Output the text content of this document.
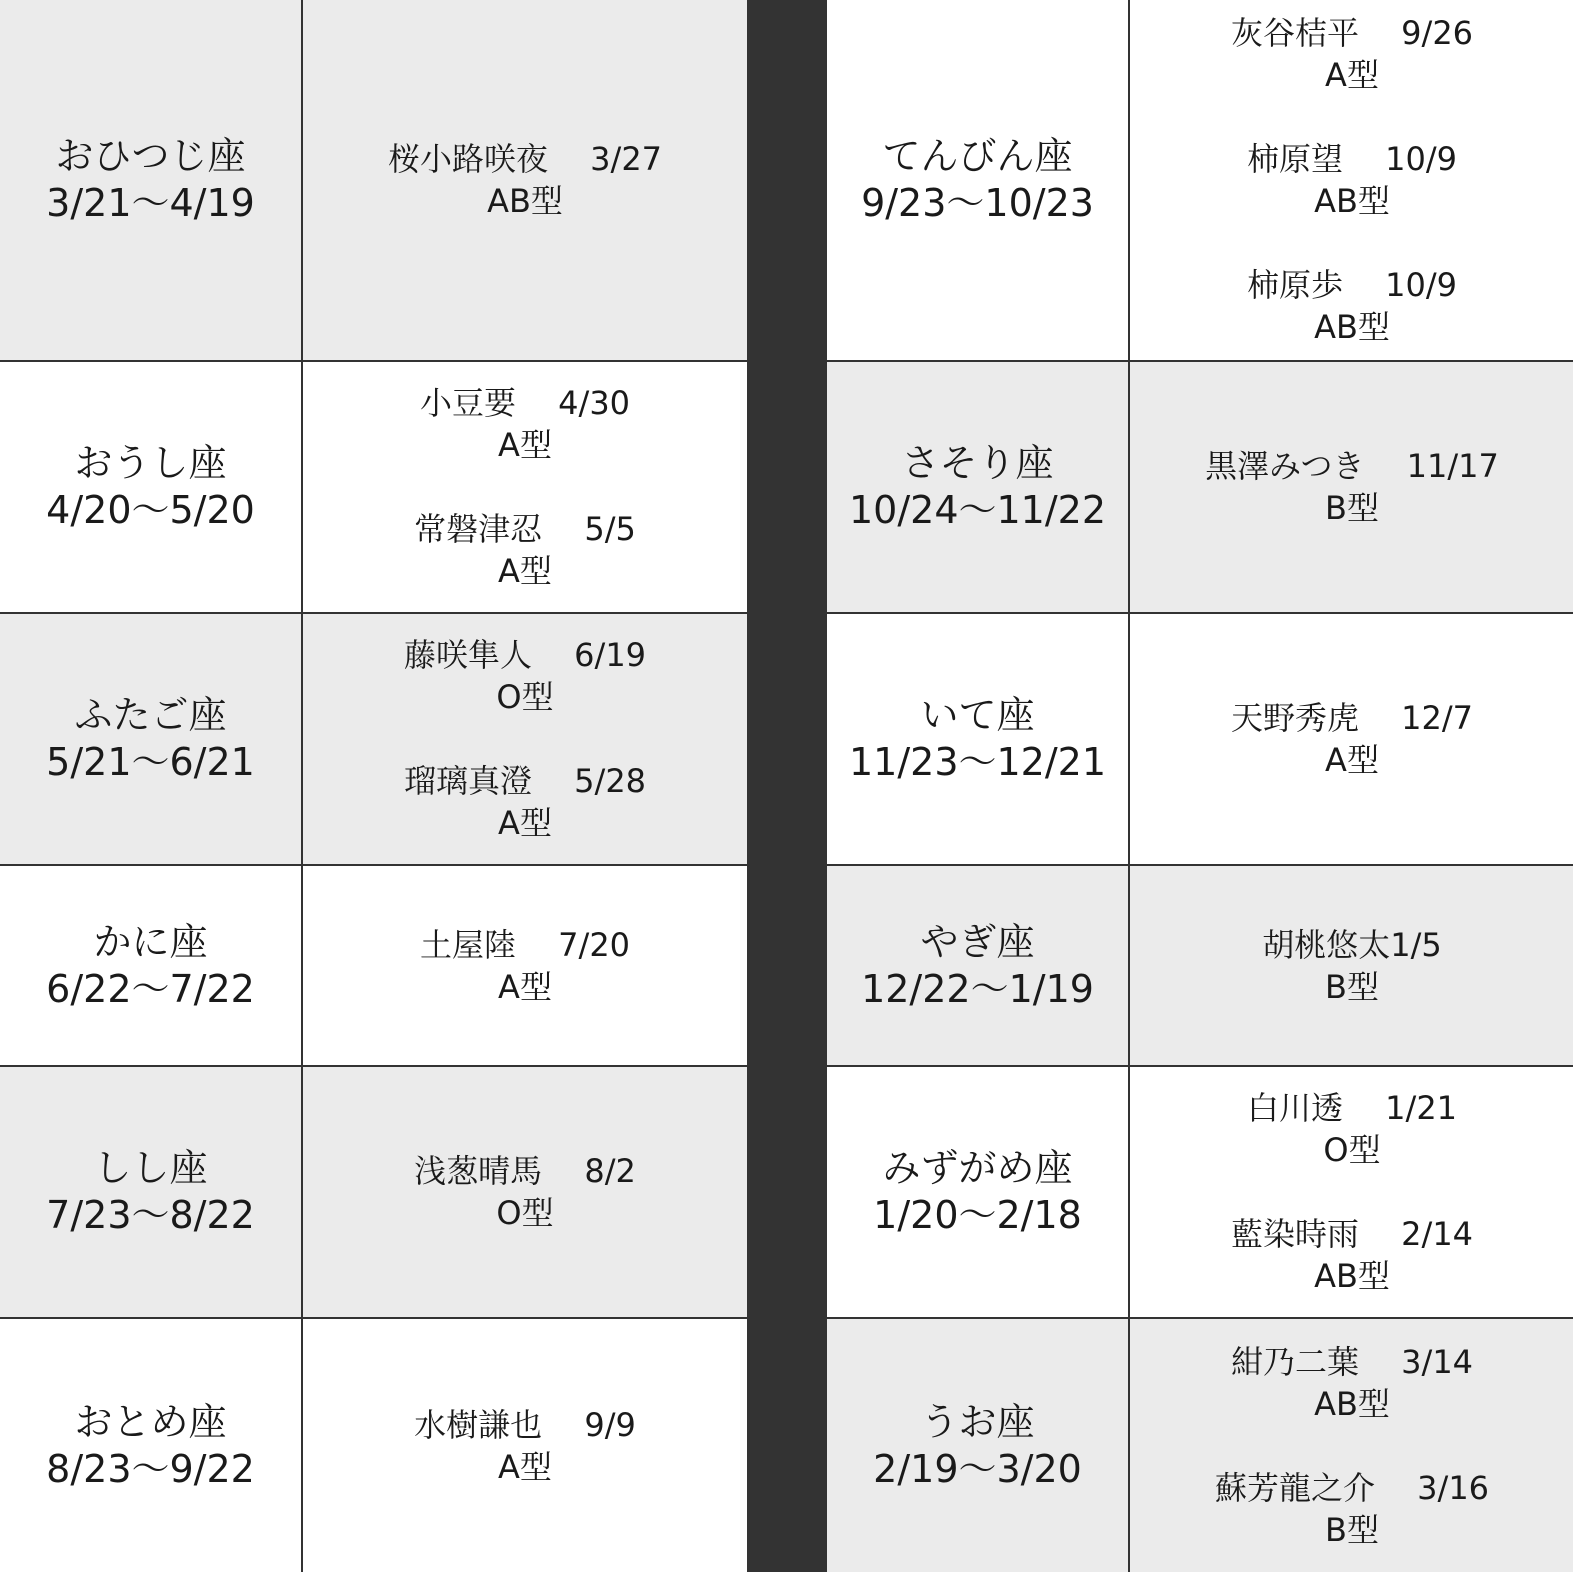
おひつじ座
3/21～4/19
桜小路咲夜　 3/27
AB型
おうし座
4/20～5/20
小豆要　 4/30
A型
常磐津忍　 5/5
A型
ふたご座
5/21～6/21
藤咲隼人　 6/19
O型
瑠璃真澄　 5/28
A型
かに座
6/22～7/22
土屋陸　 7/20
A型
しし座
7/23～8/22
浅葱晴馬　 8/2
O型
おとめ座
8/23～9/22
水樹謙也　 9/9
A型
てんびん座
9/23～10/23
灰谷桔平　 9/26
A型
柿原望　 10/9
AB型
柿原歩　 10/9
AB型
さそり座
10/24～11/22
黒澤みつき　 11/17
B型
いて座
11/23～12/21
天野秀虎　 12/7
A型
やぎ座
12/22～1/19
胡桃悠太1/5
B型
みずがめ座
1/20～2/18
白川透　 1/21
O型
藍染時雨　 2/14
AB型
うお座
2/19～3/20
紺乃二葉　 3/14
AB型
蘇芳龍之介　 3/16
B型
